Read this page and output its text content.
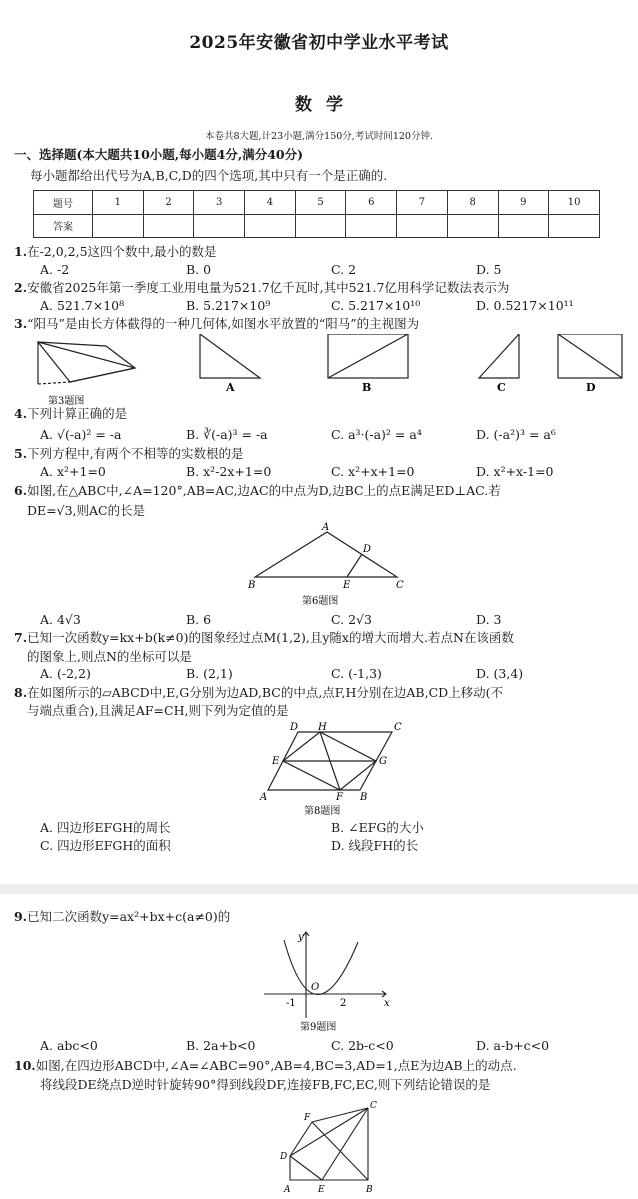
2025年安徽省初中学业水平考试
数学
本卷共8大题,计23小题,满分150分,考试时间120分钟.
一、选择题(本大题共10小题,每小题4分,满分40分)
每小题都给出代号为A,B,C,D的四个选项,其中只有一个是正确的.
题号	1	2	3	4	5	6	7	8	9	10
答案										
1.在-2,0,2,5这四个数中,最小的数是
A. -2	B. 0	C. 2	D. 5
2.安徽省2025年第一季度工业用电量为521.7亿千瓦时,其中521.7亿用科学记数法表示为
A. 521.7×10⁸	B. 5.217×10⁹	C. 5.217×10¹⁰	D. 0.5217×10¹¹
3.“阳马”是由长方体截得的一种几何体,如图水平放置的“阳马”的主视图为
第3题图
A	B	C	D
4.下列计算正确的是
A. √(-a)² = -a	B. ∛(-a)³ = -a	C. a³·(-a)² = a⁴	D. (-a²)³ = a⁶
5.下列方程中,有两个不相等的实数根的是
A. x²+1=0	B. x²-2x+1=0	C. x²+x+1=0	D. x²+x-1=0
6.如图,在△ABC中,∠A=120°,AB=AC,边AC的中点为D,边BC上的点E满足ED⊥AC.若
DE=√3,则AC的长是
A
B	C
D
E
第6题图
A. 4√3	B. 6	C. 2√3	D. 3
7.已知一次函数y=kx+b(k≠0)的图象经过点M(1,2),且y随x的增大而增大.若点N在该函数
的图象上,则点N的坐标可以是
A. (-2,2)	B. (2,1)	C. (-1,3)	D. (3,4)
8.在如图所示的▱ABCD中,E,G分别为边AD,BC的中点,点F,H分别在边AB,CD上移动(不
与端点重合),且满足AF=CH,则下列为定值的是
A	B
C
D
E
F
G
H
第8题图
A. 四边形EFGH的周长	B. ∠EFG的大小
C. 四边形EFGH的面积	D. 线段FH的长
9.已知二次函数y=ax²+bx+c(a≠0)的
y
x
O
-1	2
第9题图
A. abc<0	B. 2a+b<0	C. 2b-c<0	D. a-b+c<0
10.如图,在四边形ABCD中,∠A=∠ABC=90°,AB=4,BC=3,AD=1,点E为边AB上的动点.
将线段DE绕点D逆时针旋转90°得到线段DF,连接FB,FC,EC,则下列结论错误的是
A	B
C
D
E
F
